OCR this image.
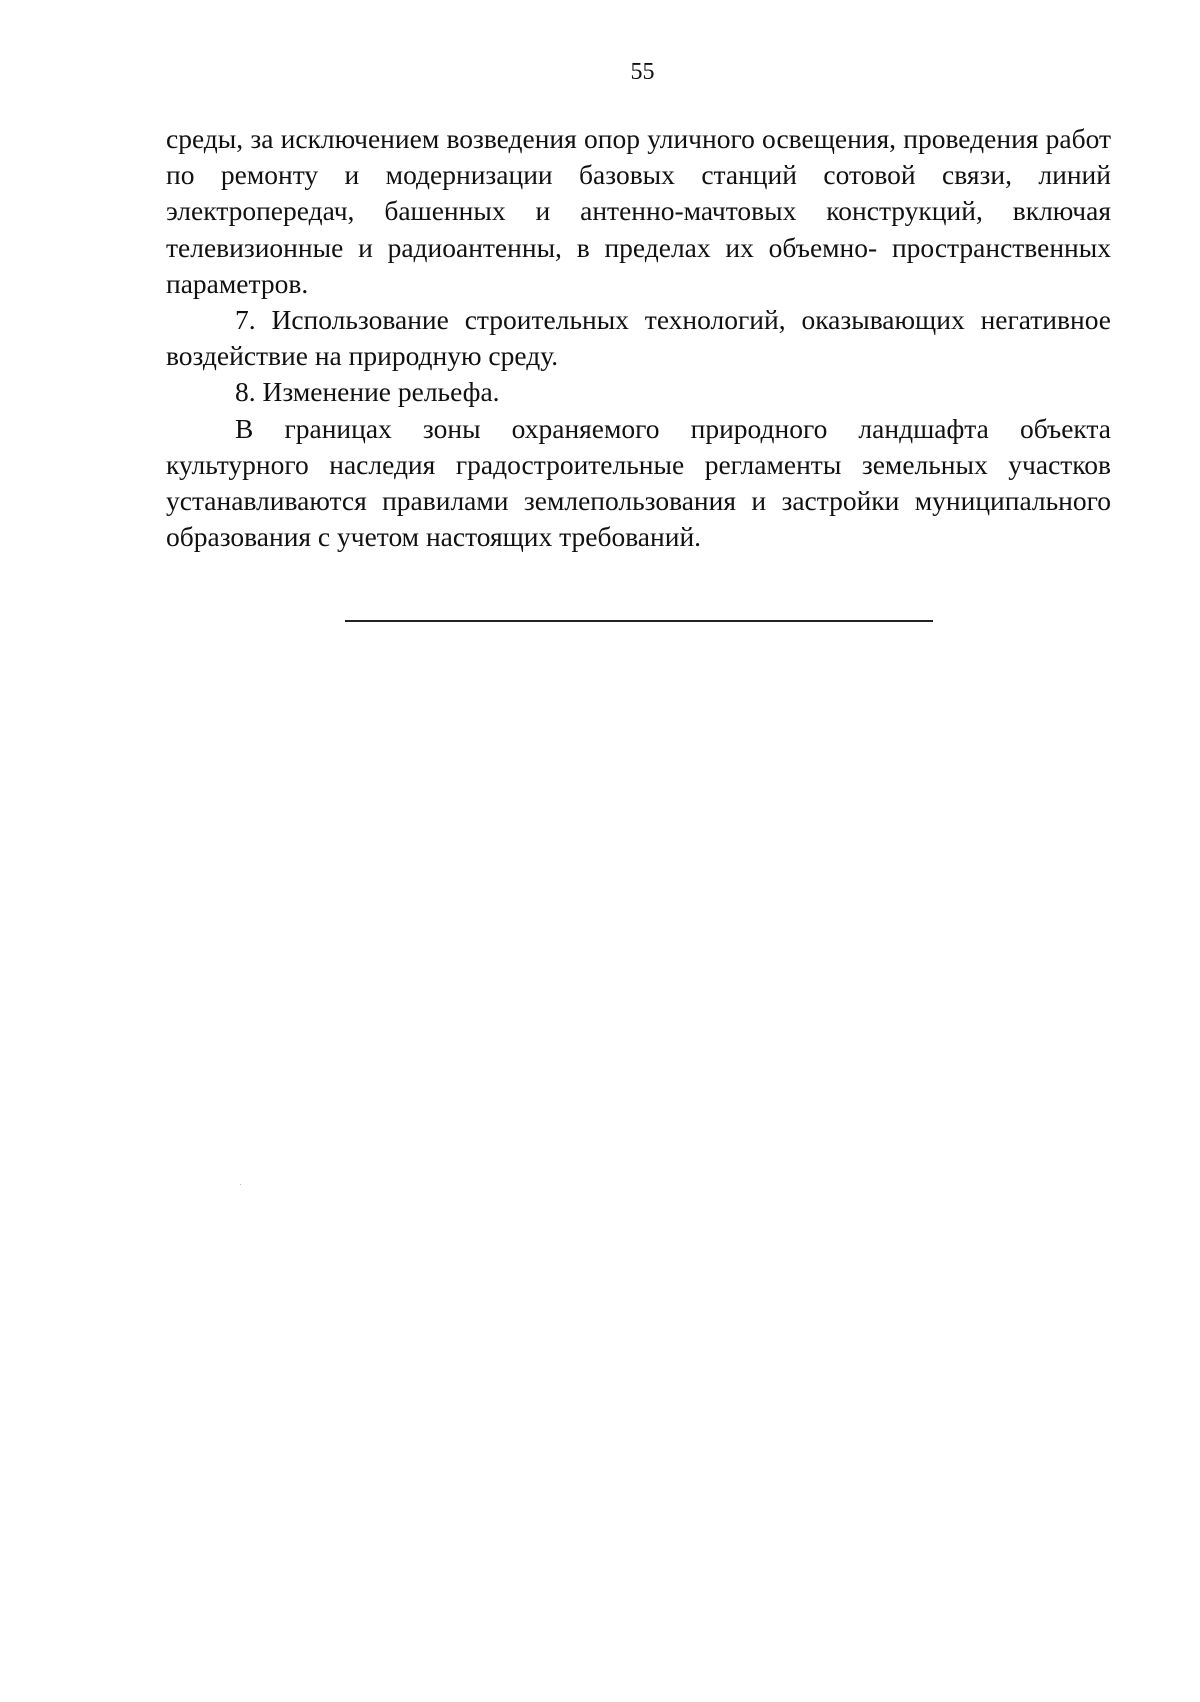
55

среды, за исключением возведения опор уличного освещения, проведения работ по ремонту и модернизации базовых станций сотовой связи, линий электропередач, башенных и антенно-мачтовых конструкций, включая телевизионные и радиоантенны, в пределах их объемно- пространственных параметров.

7. Использование строительных технологий, оказывающих негативное воздействие на природную среду.

8. Изменение рельефа.

В границах зоны охраняемого природного ландшафта объекта культурного наследия градостроительные регламенты земельных участков устанавливаются правилами землепользования и застройки муниципального образования с учетом настоящих требований.
